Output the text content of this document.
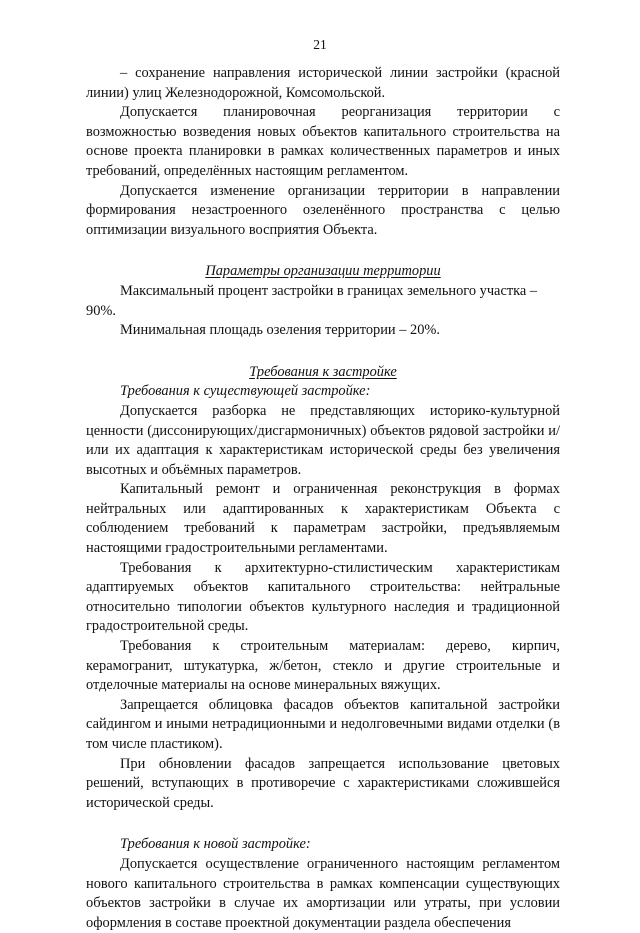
21

– сохранение направления исторической линии застройки (красной линии) улиц Железнодорожной, Комсомольской.

Допускается планировочная реорганизация территории с возможностью возведения новых объектов капитального строительства на основе проекта планировки в рамках количественных параметров и иных требований, определённых настоящим регламентом.

Допускается изменение организации территории в направлении формирования незастроенного озеленённого пространства с целью оптимизации визуального восприятия Объекта.

Параметры организации территории

Максимальный процент застройки в границах земельного участка – 90%.

Минимальная площадь озеления территории – 20%.

Требования к застройке

Требования к существующей застройке:

Допускается разборка не представляющих историко-культурной ценности (диссонирующих/дисгармоничных) объектов рядовой застройки и/или их адаптация к характеристикам исторической среды без увеличения высотных и объёмных параметров.

Капитальный ремонт и ограниченная реконструкция в формах нейтральных или адаптированных к характеристикам Объекта с соблюдением требований к параметрам застройки, предъявляемым настоящими градостроительными регламентами.

Требования к архитектурно-стилистическим характеристикам адаптируемых объектов капитального строительства: нейтральные относительно типологии объектов культурного наследия и традиционной градостроительной среды.

Требования к строительным материалам: дерево, кирпич, керамогранит, штукатурка, ж/бетон, стекло и другие строительные и отделочные материалы на основе минеральных вяжущих.

Запрещается облицовка фасадов объектов капитальной застройки сайдингом и иными нетрадиционными и недолговечными видами отделки (в том числе пластиком).

При обновлении фасадов запрещается использование цветовых решений, вступающих в противоречие с характеристиками сложившейся исторической среды.

Требования к новой застройке:

Допускается осуществление ограниченного настоящим регламентом нового капитального строительства в рамках компенсации существующих объектов застройки в случае их амортизации или утраты, при условии оформления в составе проектной документации раздела обеспечения
